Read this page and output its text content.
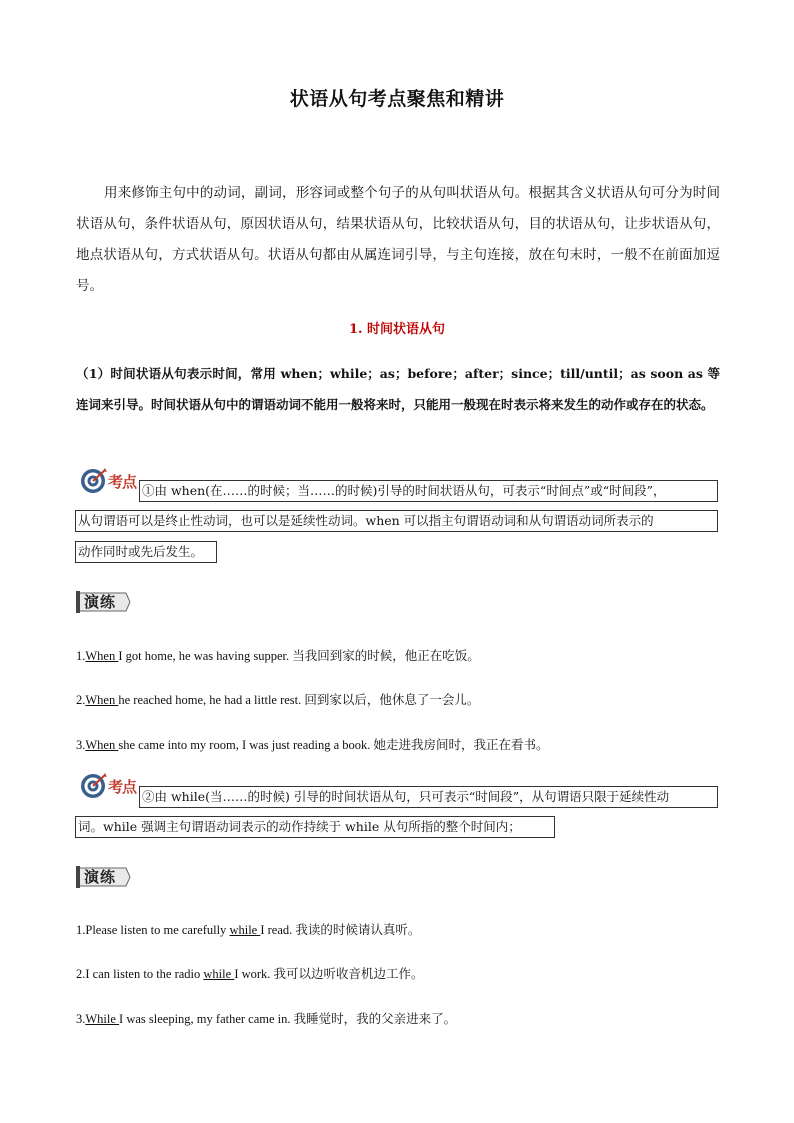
状语从句考点聚焦和精讲
用来修饰主句中的动词，副词，形容词或整个句子的从句叫状语从句。根据其含义状语从句可分为时间状语从句，条件状语从句，原因状语从句，结果状语从句，比较状语从句，目的状语从句，让步状语从句，地点状语从句，方式状语从句。状语从句都由从属连词引导，与主句连接，放在句末时，一般不在前面加逗号。
1. 时间状语从句
（1）时间状语从句表示时间，常用 when；while；as；before；after；since；till/until；as soon as 等连词来引导。时间状语从句中的谓语动词不能用一般将来时，只能用一般现在时表示将来发生的动作或存在的状态。
考点 ①由 when(在……的时候；当……的时候)引导的时间状语从句，可表示“时间点”或“时间段”，
从句谓语可以是终止性动词，也可以是延续性动词。when 可以指主句谓语动词和从句谓语动词所表示的
动作同时或先后发生。
演练
1.When I got home, he was having supper. 当我回到家的时候，他正在吃饭。
2.When he reached home, he had a little rest. 回到家以后，他休息了一会儿。
3.When she came into my room, I was just reading a book. 她走进我房间时，我正在看书。
考点
②由 while(当……的时候) 引导的时间状语从句，只可表示“时间段”，从句谓语只限于延续性动
词。while 强调主句谓语动词表示的动作持续于 while 从句所指的整个时间内；
演练
1.Please listen to me carefully while I read. 我读的时候请认真听。
2.I can listen to the radio while I work. 我可以边听收音机边工作。
3.While I was sleeping, my father came in. 我睡觉时，我的父亲进来了。
